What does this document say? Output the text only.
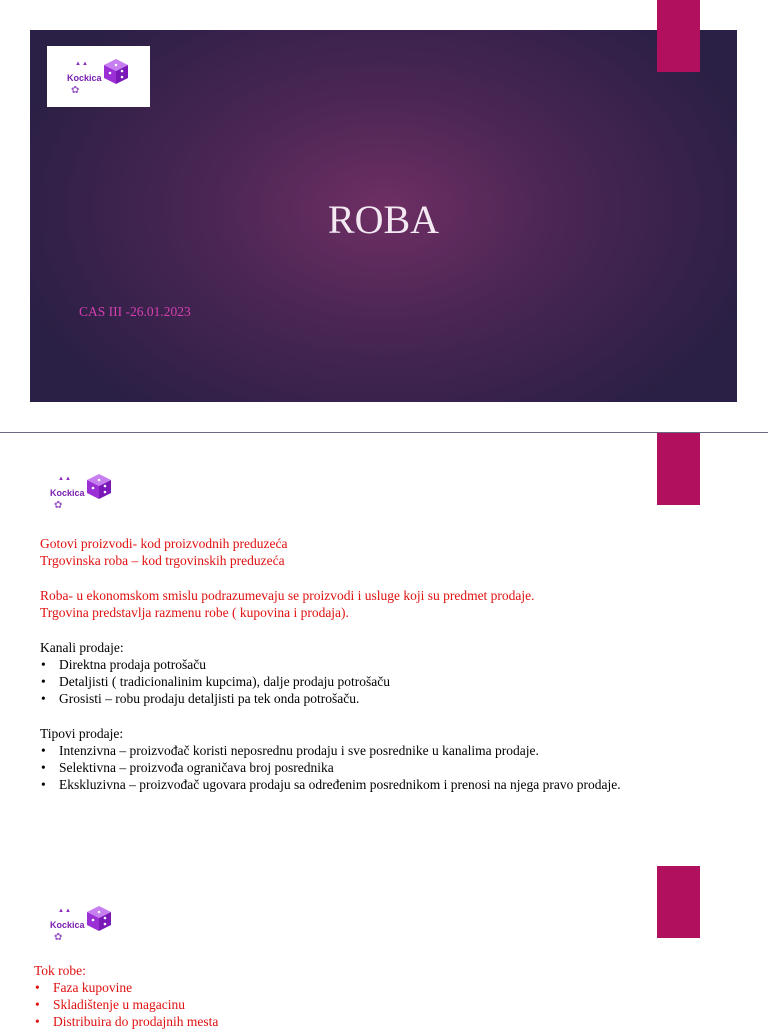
▲▲
Kockica
✿
ROBA

CAS III -26.01.2023

▲▲
Kockica
✿
Gotovi proizvodi- kod proizvodnih preduzeća
Trgovinska roba – kod trgovinskih preduzeća
Roba- u ekonomskom smislu podrazumevaju se proizvodi i usluge koji su predmet prodaje.
Trgovina predstavlja razmenu robe ( kupovina i prodaja).
Kanali prodaje:
• Direktna prodaja potrošaču
• Detaljisti ( tradicionalinim kupcima), dalje prodaju potrošaču
• Grosisti – robu prodaju detaljisti pa tek onda potrošaču.
Tipovi prodaje:
• Intenzivna – proizvođač koristi neposrednu prodaju i sve posrednike u kanalima prodaje.
• Selektivna – proizvođa ograničava broj posrednika
• Ekskluzivna – proizvođač ugovara prodaju sa određenim posrednikom i prenosi na njega pravo prodaje.
▲▲
Kockica
✿
Tok robe:
• Faza kupovine
• Skladištenje u magacinu
• Distribuira do prodajnih mesta
